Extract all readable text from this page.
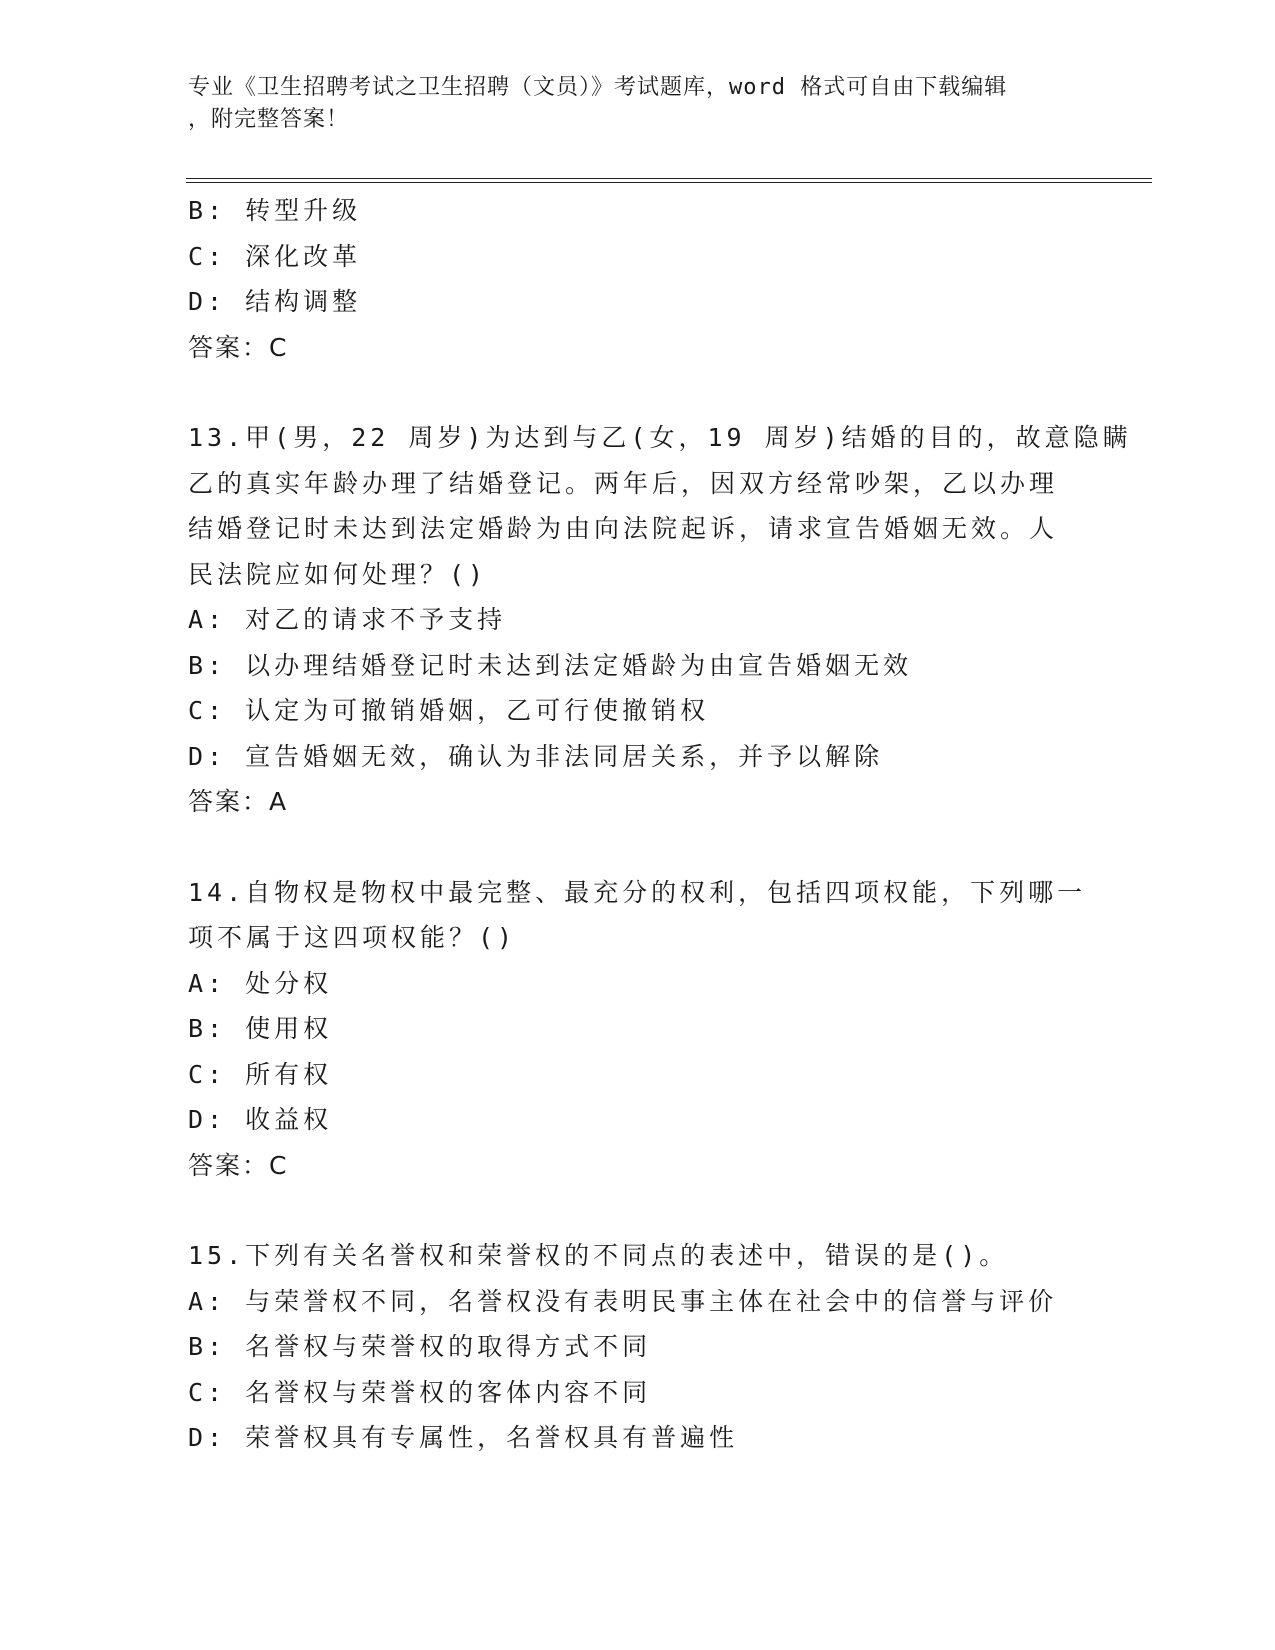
专业《卫生招聘考试之卫生招聘（文员）》考试题库，word 格式可自由下载编辑
，附完整答案！
B: 转型升级
C: 深化改革
D: 结构调整
答案：C
13.甲(男，22 周岁)为达到与乙(女，19 周岁)结婚的目的，故意隐瞒
乙的真实年龄办理了结婚登记。两年后，因双方经常吵架，乙以办理
结婚登记时未达到法定婚龄为由向法院起诉，请求宣告婚姻无效。人
民法院应如何处理？()
A: 对乙的请求不予支持
B: 以办理结婚登记时未达到法定婚龄为由宣告婚姻无效
C: 认定为可撤销婚姻，乙可行使撤销权
D: 宣告婚姻无效，确认为非法同居关系，并予以解除
答案：A
14.自物权是物权中最完整、最充分的权利，包括四项权能，下列哪一
项不属于这四项权能？()
A: 处分权
B: 使用权
C: 所有权
D: 收益权
答案：C
15.下列有关名誉权和荣誉权的不同点的表述中，错误的是()。
A: 与荣誉权不同，名誉权没有表明民事主体在社会中的信誉与评价
B: 名誉权与荣誉权的取得方式不同
C: 名誉权与荣誉权的客体内容不同
D: 荣誉权具有专属性，名誉权具有普遍性
